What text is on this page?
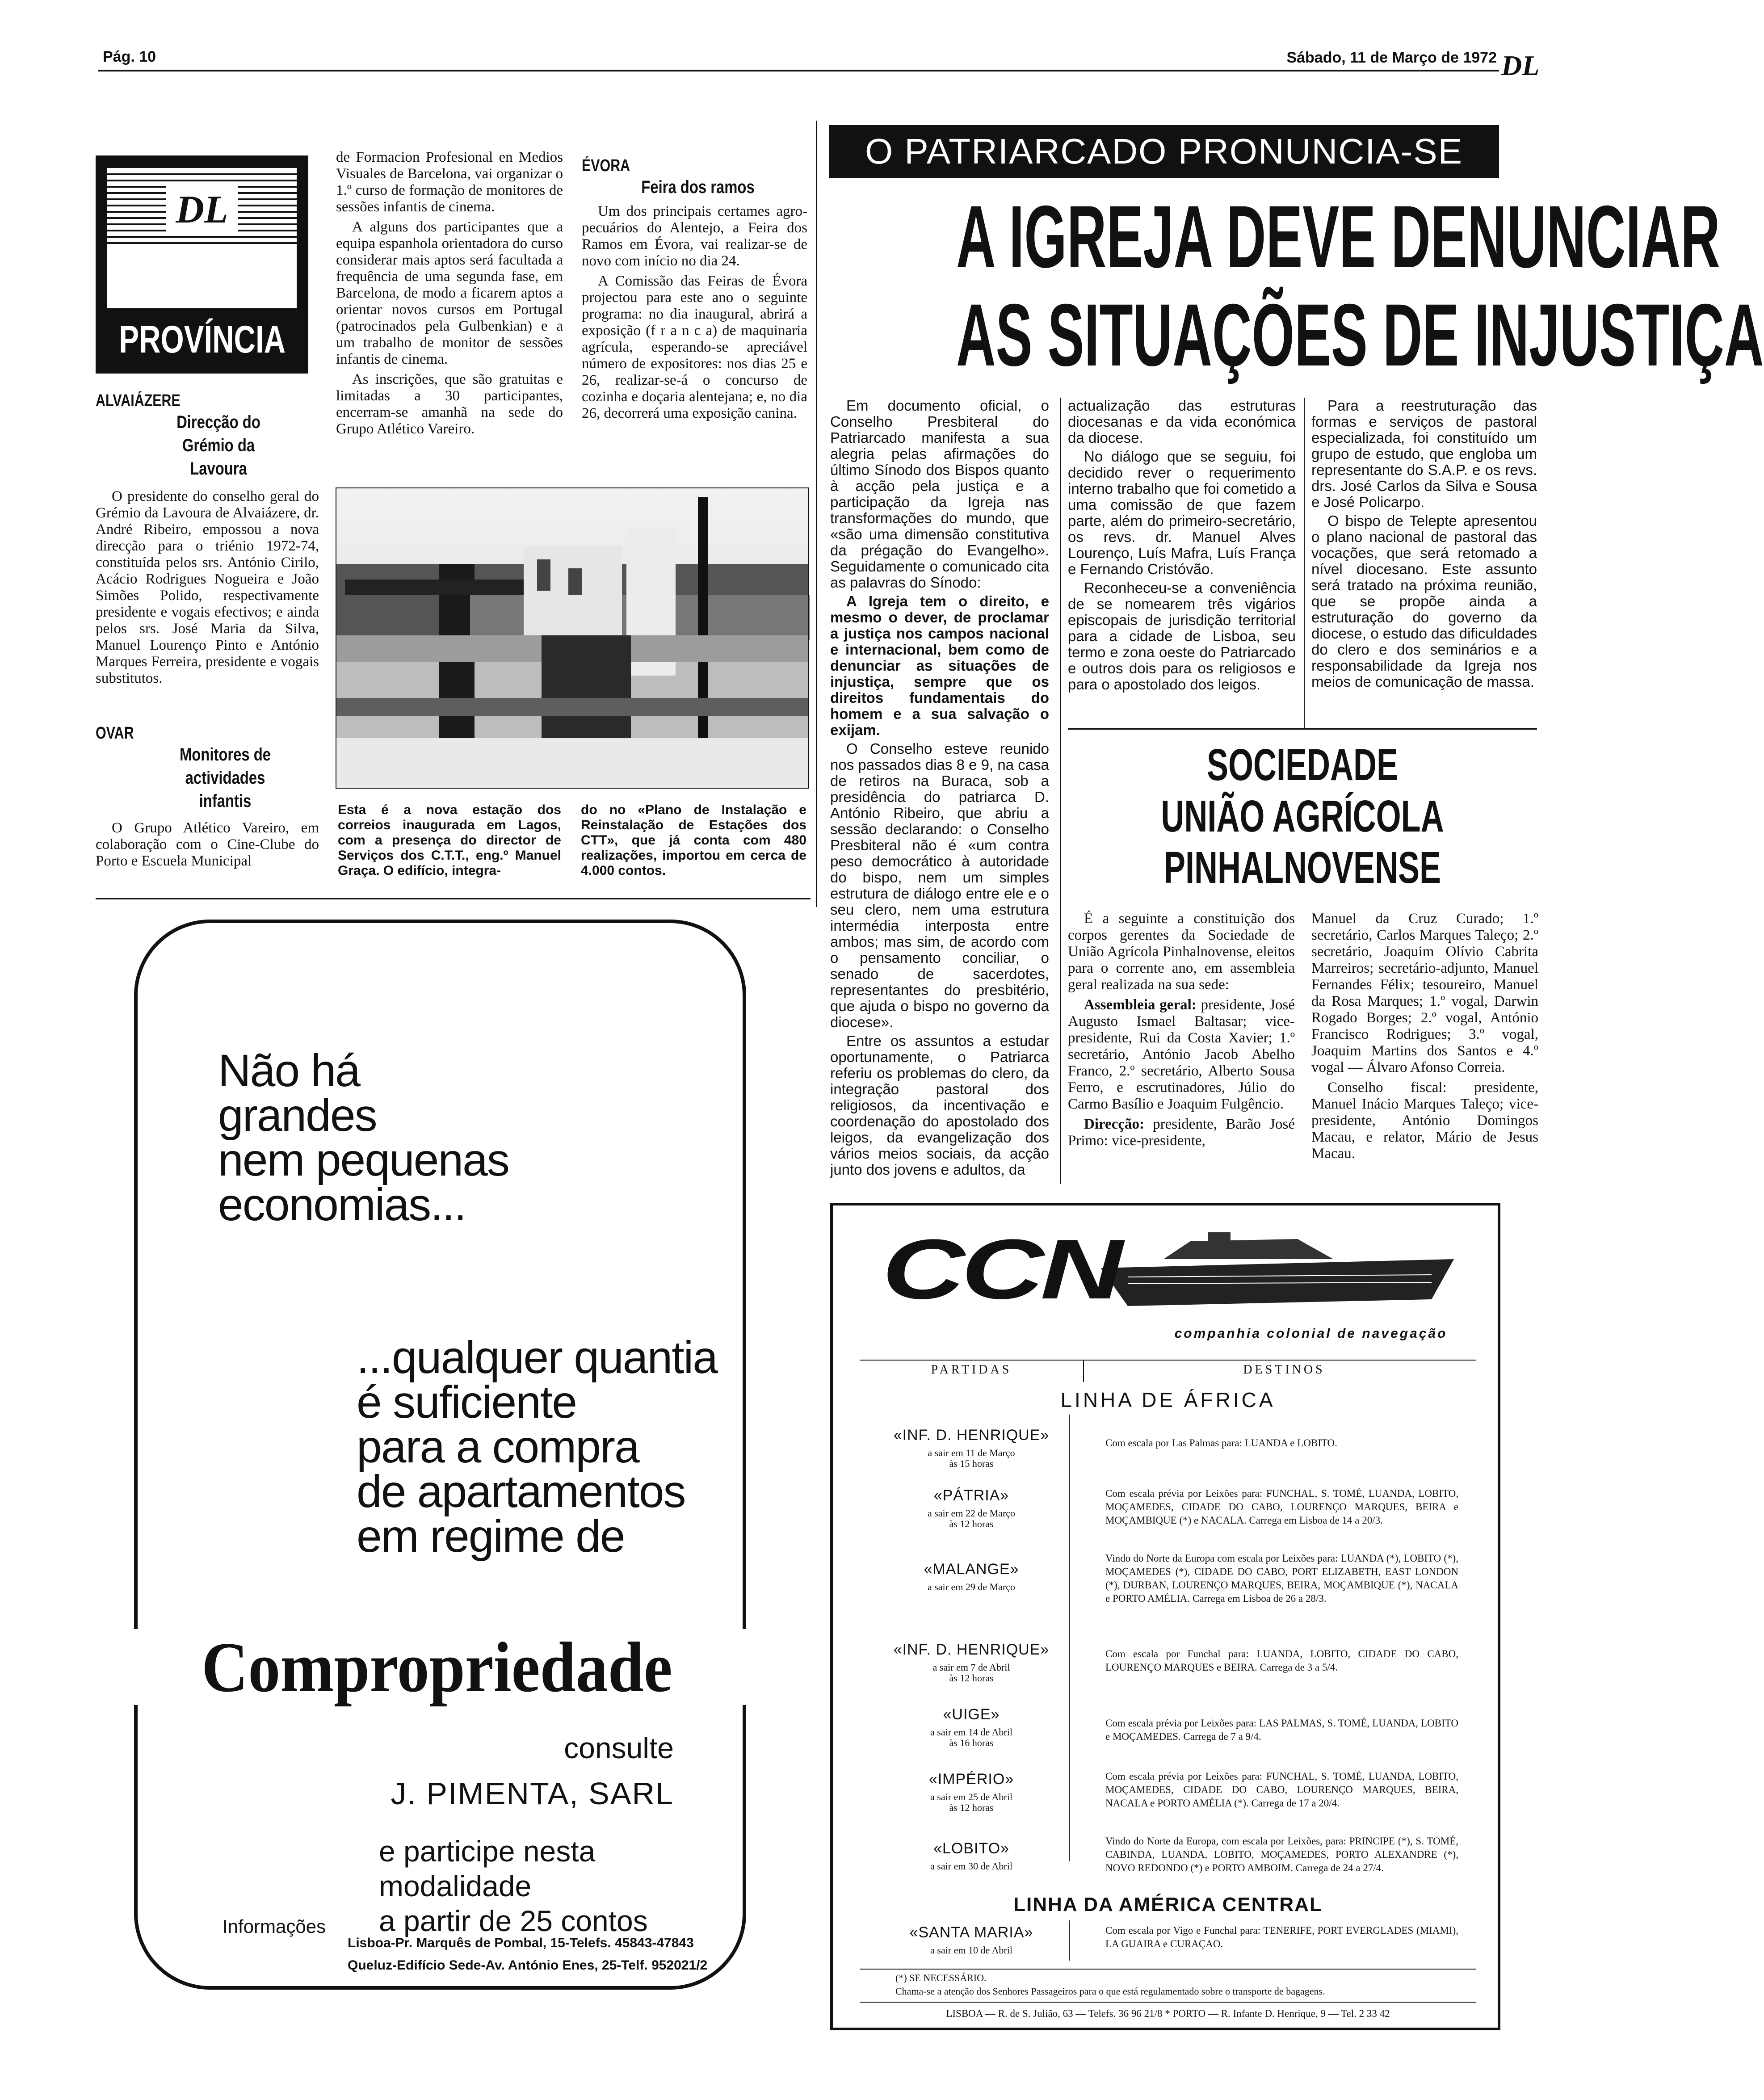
Pág. 10	Sábado, 11 de Março de 1972 DL
DL
PROVÍNCIA
ALVAIÁZERE
Direcção do Grémio da Lavoura

O presidente do conselho geral do Grémio da Lavoura de Alvaiázere, dr. André Ribeiro, empossou a nova direcção para o triénio 1972-74, constituída pelos srs. António Cirilo, Acácio Rodrigues Nogueira e João Simões Polido, respectivamente presidente e vogais efectivos; e ainda pelos srs. José Maria da Silva, Manuel Lourenço Pinto e António Marques Ferreira, presidente e vogais substitutos.

OVAR
Monitores de actividades infantis

O Grupo Atlético Vareiro, em colaboração com o Cine-Clube do Porto e Escuela Municipal

de Formacion Profesional en Medios Visuales de Barcelona, vai organizar o 1.º curso de formação de monitores de sessões infantis de cinema.

A alguns dos participantes que a equipa espanhola orientadora do curso considerar mais aptos será facultada a frequência de uma segunda fase, em Barcelona, de modo a ficarem aptos a orientar novos cursos em Portugal (patrocinados pela Gulbenkian) e a um trabalho de monitor de sessões infantis de cinema.

As inscrições, que são gratuitas e limitadas a 30 participantes, encerram-se amanhã na sede do Grupo Atlético Vareiro.

ÉVORA
Feira dos ramos

Um dos principais certames agro-pecuários do Alentejo, a Feira dos Ramos em Évora, vai realizar-se de novo com início no dia 24.

A Comissão das Feiras de Évora projectou para este ano o seguinte programa: no dia inaugural, abrirá a exposição (f r a n c a) de maquinaria agrícula, esperando-se apreciável número de expositores: nos dias 25 e 26, realizar-se-á o concurso de cozinha e doçaria alentejana; e, no dia 26, decorrerá uma exposição canina.

Esta é a nova estação dos correios inaugurada em Lagos, com a presença do director de Serviços dos C.T.T., eng.º Manuel Graça. O edifício, integra-
do no «Plano de Instalação e Reinstalação de Estações dos CTT», que já conta com 480 realizações, importou em cerca de 4.000 contos.
O PATRIARCADO PRONUNCIA-SE
A IGREJA DEVE DENUNCIAR
AS SITUAÇÕES DE INJUSTIÇA

Em documento oficial, o Conselho Presbiteral do Patriarcado manifesta a sua alegria pelas afirmações do último Sínodo dos Bispos quanto à acção pela justiça e a participação da Igreja nas transformações do mundo, que «são uma dimensão constitutiva da prégação do Evangelho». Seguidamente o comunicado cita as palavras do Sínodo:

A Igreja tem o direito, e mesmo o dever, de proclamar a justiça nos campos nacional e internacional, bem como de denunciar as situações de injustiça, sempre que os direitos fundamentais do homem e a sua salvação o exijam.

O Conselho esteve reunido nos passados dias 8 e 9, na casa de retiros na Buraca, sob a presidência do patriarca D. António Ribeiro, que abriu a sessão declarando: o Conselho Presbiteral não é «um contra peso democrático à autoridade do bispo, nem um simples estrutura de diálogo entre ele e o seu clero, nem uma estrutura intermédia interposta entre ambos; mas sim, de acordo com o pensamento conciliar, o senado de sacerdotes, representantes do presbitério, que ajuda o bispo no governo da diocese».

Entre os assuntos a estudar oportunamente, o Patriarca referiu os problemas do clero, da integração pastoral dos religiosos, da incentivação e coordenação do apostolado dos leigos, da evangelização dos vários meios sociais, da acção junto dos jovens e adultos, da

actualização das estruturas diocesanas e da vida económica da diocese.

No diálogo que se seguiu, foi decidido rever o requerimento interno trabalho que foi cometido a uma comissão de que fazem parte, além do primeiro-secretário, os revs. dr. Manuel Alves Lourenço, Luís Mafra, Luís França e Fernando Cristóvão.

Reconheceu-se a conveniência de se nomearem três vigários episcopais de jurisdição territorial para a cidade de Lisboa, seu termo e zona oeste do Patriarcado e outros dois para os religiosos e para o apostolado dos leigos.

Para a reestruturação das formas e serviços de pastoral especializada, foi constituído um grupo de estudo, que engloba um representante do S.A.P. e os revs. drs. José Carlos da Silva e Sousa e José Policarpo.

O bispo de Telepte apresentou o plano nacional de pastoral das vocações, que será retomado a nível diocesano. Este assunto será tratado na próxima reunião, que se propõe ainda a estruturação do governo da diocese, o estudo das dificuldades do clero e dos seminários e a responsabilidade da Igreja nos meios de comunicação de massa.

SOCIEDADE
UNIÃO AGRÍCOLA
PINHALNOVENSE

É a seguinte a constituição dos corpos gerentes da Sociedade de União Agrícola Pinhalnovense, eleitos para o corrente ano, em assembleia geral realizada na sua sede:

Assembleia geral: presidente, José Augusto Ismael Baltasar; vice-presidente, Rui da Costa Xavier; 1.º secretário, António Jacob Abelho Franco, 2.º secretário, Alberto Sousa Ferro, e escrutinadores, Júlio do Carmo Basílio e Joaquim Fulgêncio.

Direcção: presidente, Barão José Primo: vice-presidente,

Manuel da Cruz Curado; 1.º secretário, Carlos Marques Taleço; 2.º secretário, Joaquim Olívio Cabrita Marreiros; secretário-adjunto, Manuel Fernandes Félix; tesoureiro, Manuel da Rosa Marques; 1.º vogal, Darwin Rogado Borges; 2.º vogal, António Francisco Rodrigues; 3.º vogal, Joaquim Martins dos Santos e 4.º vogal — Álvaro Afonso Correia.

Conselho fiscal: presidente, Manuel Inácio Marques Taleço; vice-presidente, António Domingos Macau, e relator, Mário de Jesus Macau.

Não há
grandes
nem pequenas
economias...
...qualquer quantia
é suficiente
para a compra
de apartamentos
em regime de
Compropriedade
consulte
J. PIMENTA, SARL
e participe nesta modalidade
a partir de 25 contos
Informações
Lisboa-Pr. Marquês de Pombal, 15-Telefs. 45843-47843
Queluz-Edifício Sede-Av. António Enes, 25-Telf. 952021/2
CCN
companhia colonial de navegação
PARTIDAS	DESTINOS
LINHA DE ÁFRICA
«INF. D. HENRIQUE»
a sair em 11 de Março
às 15 horas
Com escala por Las Palmas para: LUANDA e LOBITO.
«PÁTRIA»
a sair em 22 de Março
às 12 horas
Com escala prévia por Leixões para: FUNCHAL, S. TOMÉ, LUANDA, LOBITO, MOÇAMEDES, CIDADE DO CABO, LOURENÇO MARQUES, BEIRA e MOÇAMBIQUE (*) e NACALA. Carrega em Lisboa de 14 a 20/3.
«MALANGE»
a sair em 29 de Março
Vindo do Norte da Europa com escala por Leixões para: LUANDA (*), LOBITO (*), MOÇAMEDES (*), CIDADE DO CABO, PORT ELIZABETH, EAST LONDON (*), DURBAN, LOURENÇO MARQUES, BEIRA, MOÇAMBIQUE (*), NACALA e PORTO AMÉLIA. Carrega em Lisboa de 26 a 28/3.
«INF. D. HENRIQUE»
a sair em 7 de Abril
às 12 horas
Com escala por Funchal para: LUANDA, LOBITO, CIDADE DO CABO, LOURENÇO MARQUES e BEIRA. Carrega de 3 a 5/4.
«UIGE»
a sair em 14 de Abril
às 16 horas
Com escala prévia por Leixões para: LAS PALMAS, S. TOMÉ, LUANDA, LOBITO e MOÇAMEDES. Carrega de 7 a 9/4.
«IMPÉRIO»
a sair em 25 de Abril
às 12 horas
Com escala prévia por Leixões para: FUNCHAL, S. TOMÉ, LUANDA, LOBITO, MOÇAMEDES, CIDADE DO CABO, LOURENÇO MARQUES, BEIRA, NACALA e PORTO AMÉLIA (*). Carrega de 17 a 20/4.
«LOBITO»
a sair em 30 de Abril
Vindo do Norte da Europa, com escala por Leixões, para: PRINCIPE (*), S. TOMÉ, CABINDA, LUANDA, LOBITO, MOÇAMEDES, PORTO ALEXANDRE (*), NOVO REDONDO (*) e PORTO AMBOIM. Carrega de 24 a 27/4.
LINHA DA AMÉRICA CENTRAL
«SANTA MARIA»
a sair em 10 de Abril
Com escala por Vigo e Funchal para: TENERIFE, PORT EVERGLADES (MIAMI), LA GUAIRA e CURAÇAO.
(*) SE NECESSÁRIO.
Chama-se a atenção dos Senhores Passageiros para o que está regulamentado sobre o transporte de bagagens.
LISBOA — R. de S. Julião, 63 — Telefs. 36 96 21/8 * PORTO — R. Infante D. Henrique, 9 — Tel. 2 33 42
